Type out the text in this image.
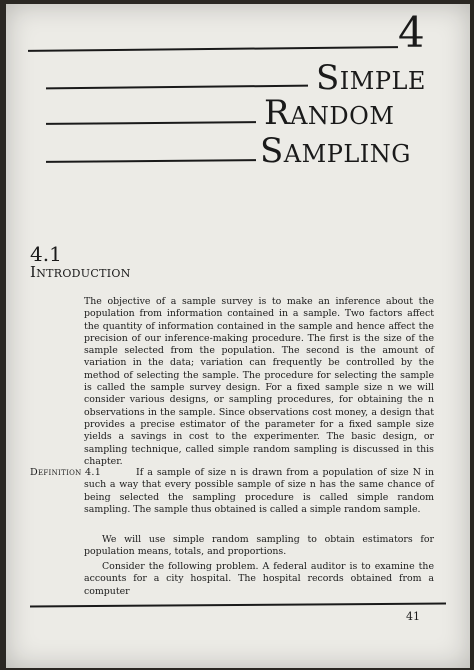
4
Simple
Random
Sampling
4.1
Introduction

The objective of a sample survey is to make an inference about the population from information contained in a sample. Two factors affect the quantity of information contained in the sample and hence affect the precision of our inference-making procedure. The first is the size of the sample selected from the population. The second is the amount of variation in the data; variation can frequently be controlled by the method of selecting the sample. The procedure for selecting the sample is called the sample survey design. For a fixed sample size n we will consider various designs, or sampling procedures, for obtaining the n observations in the sample. Since observations cost money, a design that provides a precise estimator of the parameter for a fixed sample size yields a savings in cost to the experimenter. The basic design, or sampling technique, called simple random sampling is discussed in this chapter.

Definition 4.1	If a sample of size n is drawn from a population of size N in such a way that every possible sample of size n has the same chance of being selected the sampling procedure is called simple random sampling. The sample thus obtained is called a simple random sample.

We will use simple random sampling to obtain estimators for population means, totals, and proportions.

Consider the following problem. A federal auditor is to examine the accounts for a city hospital. The hospital records obtained from a computer

41
